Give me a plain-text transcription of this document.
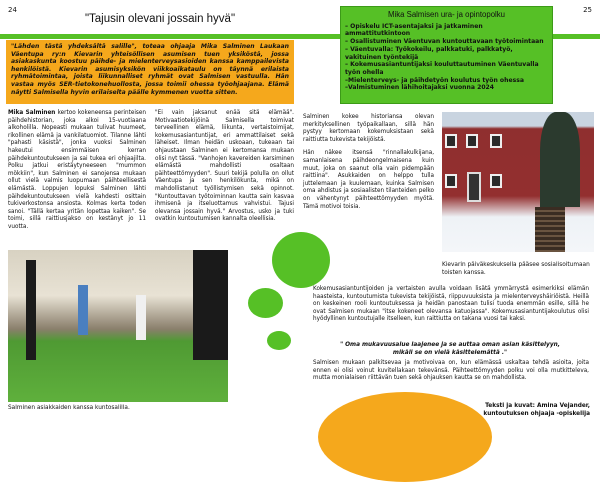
24	25
"Tajusin olevani jossain hyvä"
"Lähden tästä yhdeksältä salille", toteaa ohjaaja Mika Salminen Laukaan Väentupa ry:n Kievarin yhteisöllisen asumisen tuen yksiköstä, jossa asiakaskunta koostuu päihde- ja mielenterveysasioiden kanssa kamppailevista henkilöistä. Kievarin asumisyksikön viikkoaikataulu on täynnä erilaista ryhmätoimintaa, joista liikunnalliset ryhmät ovat Salmisen vastuulla. Hän vastaa myös SER-tietokonehuollosta, jossa toimii ohessa työohjaajana. Elämä näytti Salmisella hyvin erilaiselta päälle kymmenen vuotta sitten.
Mika Salmisen ura- ja opintopolku
– Opiskelu ICT-asentajaksi ja jatkaminen ammattitutkintoon
– Osallistuminen Väentuvan kuntouttavaan työtoimintaan
– Väentuvalla: Työkokeilu, palkkatuki, palkkatyö, vakituinen työntekijä
– Kokemusasiantuntijaksi kouluttautuminen Väentuvalla työn ohella
–Mielenterveys- ja päihdetyön koulutus työn ohessa
–Valmistuminen lähihoitajaksi vuonna 2024
Mika Salminen kertoo kokeneensa perinteisen päihdehistorian, joka alkoi 15-vuotiaana alkoholilla. Nopeasti mukaan tulivat huumeet, rikollinen elämä ja vankilatuomiot. Tilanne lähti "pahasti käsistä", jonka vuoksi Salminen hakeutui ensimmäisen kerran päihdekuntoutukseen ja sai tukea eri ohjaajilta. Polku jatkui eristäytyneeseen "mummon mökkiin", kun Salminen ei sanojensa mukaan ollut vielä valmis luopumaan päihteellisestä elämästä. Loppujen lopuksi Salminen lähti päihdekuntoutukseen vielä kahdesti osittain tukiverkostonsa ansiosta. Kolmas kerta toden sanoi. "Tällä kertaa yritän lopettaa kaiken". Se toimi, sillä raittiusjakso on kestänyt jo 11 vuotta.
"Ei vain jaksanut enää sitä elämää". Motivaatiotekijöinä Salmisella toimivat terveellinen elämä, liikunta, vertaistoimijat, kokemusasiantuntijat, eri ammattilaiset sekä läheiset. Ilman heidän uskoaan, tukeaan tai ohjaustaan Salminen ei kertomansa mukaan olisi nyt tässä. "Vanhojen kavereiden karsiminen elämästä mahdollisti osaltaan päihteettömyyden". Suuri tekijä polulla on ollut Väentupa ja sen henkilökunta, mikä on mahdollistanut työllistymisen sekä opinnot. "Kuntouttavan työtoiminnan kautta sain kasvaa ihmisenä ja itseluottamus vahvistui. Tajusi olevansa jossain hyvä." Arvostus, usko ja tuki ovatkin kuntoutumisen kannalta oleellisia.

Salminen kokee historiansa olevan merkityksellinen työpaikallaan, sillä hän pystyy kertomaan kokemuksistaan sekä raittiutta tukevista tekijöistä.

Hän näkee itsensä "rinnallakulkijana, samanlaisena päihdeongelmaisena kuin muut, joka on saanut olla vain pidempään raittiina". Asukkaiden on helppo tulla juttelemaan ja kuulemaan, kuinka Salmisen oma ahdistus ja sosiaalisten tilanteiden pelko on vähentynyt päihteettömyyden myötä. Tämä motivoi toisia.

Salminen asiakkaiden kanssa kuntosalilla.
Kievarin päiväkeskuksella pääsee sosialisoitumaan toisten kanssa.
Kokemusasiantuntijoiden ja vertaisten avulla voidaan lisätä ymmärrystä esimerkiksi elämän haasteista, kuntoutumista tukevista tekijöistä, riippuvuuksista ja mielenterveyshäiriöistä. Heillä on keskeinen rooli kuntoutuksessa ja heidän panostaan tulisi tuoda enemmän esille, sillä he ovat Salmisen mukaan "itse kokeneet olevansa katuojassa". Kokemusasiantuntijakoulutus olisi hyödyllinen kuntoutujalle itselleen, kun raittiutta on takana vuosi tai kaksi.
" Oma mukavuusalue laajenee ja se auttaa oman asian käsittelyyn, mikäli se on vielä käsittelemättä ."
Salmisen mukaan palkitsevaa ja motivoivaa on, kun elämässä uskaltaa tehdä asioita, joita ennen ei olisi voinut kuvitellakaan tekevänsä. Päihteettömyyden polku voi olla mutkitteleva, mutta monialaisen riittävän tuen sekä ohjauksen kautta se on mahdollista.
Teksti ja kuvat: Amina Vejander,
kuntoutuksen ohjaaja -opiskelija
